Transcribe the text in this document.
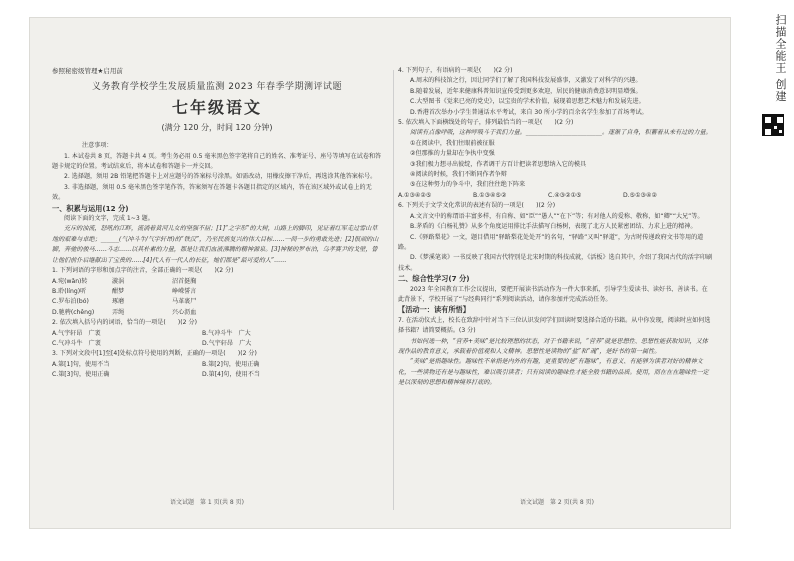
参照秘密级管理★启用前
义务教育学校学生发展质量监测 2023 年春季学期测评试题
七年级语文
(满分 120 分，时间 120 分钟)
注意事项：
1. 本试卷共 8 页，答题卡共 4 页。考生务必用 0.5 毫米黑色签字笔将自己的姓名、准考证号、座号等填写在试卷和答题卡规定的位置。考试结束后，将本试卷和答题卡一并交回。
2. 选择题，须用 2B 铅笔把答题卡上对应题号的答案标号涂黑。如需改动，用橡皮擦干净后，再选涂其他答案标号。
3. 非选择题，须用 0.5 毫米黑色签字笔作答，答案须写在答题卡各题目指定的区域内，答在该区域外或试卷上的无效。
一、积累与运用(12 分)
阅读下面的文字，完成 1~3 题。
充斥的浊流，怒吼的江畔，流淌着黄河儿女的坚强不屈；[1]“之字形”的大树，山路上的脚印，见证着红军走过雪山草地的艰难与卓绝；______(气冲斗牛/气宇轩昂)的“铁汉”，乃至民族复兴的伟大目标……一间一步的勇敢先进；[2]很顽的山脚，奔驰的骏马……斗志……以其朴素的力量，都是让我们血液沸腾的精神源泉。[3]神秘的罗布泊，乌孝赛尹的戈壁，曾让他们前仆后继献出了宝贵的……[4]代人有一代人的长征，她们都是“最可爱的人”……
1. 下列词语的字形和加点字的注音，全部正确的一项是(　　)(2 分)
A.宛(wǎn)转	漩涡	沼首挺胸
B.聆(líng)听	酣梦	峥嵘誓言
C.罗布泊(bó)	琢磨	马革裹尸
D.驰骋(chěng)	弄绳	兴心沥血
2. 依次填入括号内的词语，恰当的一项是(　　)(2 分)
A.气宇轩昂　广袤	B.气冲斗牛　广大
C.气冲斗牛　广袤	D.气宇轩昂　广大
3. 下列对文段中[1]至[4]处标点符号使用的判断，正确的一项是(　　)(2 分)
A.第[1]句，使用不当	B.第[2]句，使用正确
C.第[3]句，使用正确	D.第[4]句，使用不当
4. 下列句子，有语病的一项是(　　)(2 分)
A.周末的科技馆之行，因让同学们了解了我国科技发展盛事，又激发了对科学的兴趣。
B.随着发展，近年来健康科普知识宣传受到更多欢迎，居民的健康消费意识明显增强。
C.大型图书《觉来已亮的党史》，以宝贵的学术价值，展现着思想艺术魅力和发展先进。
D.香港首次举办小学生普通话水平考试，来自 30 所小学的百余名学生参加了首场考试。
5. 依次填入下面横线处的句子，排列最恰当的一项是(　　)(2 分)
阅读有点像呼吸，这种呼吸斗于我们力量。_________________________。逐渐了自身，积蓄着从未有过的力量。
①在阅读中，我们往眼前被征服
②但那推的力量却在争执中变强
③我们极力想寻出彼绽，作者调干方百计把读者思想纳入它的模具
④阅读的时候，我们不断同作者争辩
⑤在这种努力的争斗中，我们往往绝下阵来
A.①③④②⑤	B.①③④⑤②	C.④③②①⑤	D.⑤①③④②
6. 下列关于文学文化常识的表述有误的一项是(　　)(2 分)
A.文言文中的称谓语丰富多样，有自称、如“臣”“愚人”“在下”等；有对他人的爱称、敬称，如“卿”“大兄”等。
B.茅盾的《白杨礼赞》从多个角度运用排比手法描写白杨树，表现了北方人民紧密团结、力求上进的精神。
C.《驿路梨花》一文，题目借用“驿路梨花处处开”的名句，“驿路”又叫“驿道”，为古时传递政府文书等用的道路。
D.《梦溪笔谈》一书反映了我国古代特别是北宋时期的科技成就，《活板》选自其中，介绍了我国古代的活字印刷技术。
二、综合性学习(7 分)
2023 年全国教育工作会议提出，要把开展读书活动作为一件大事来抓，引导学生爱读书、读好书、善读书。在此背景下，学校开展了“与经典同行”系列阅读活动，请你参加并完成活动任务。
【活动一：读有所悟】
7. 在活动仪式上，校长在致辞中针对当下三位认识发问学们回读时要选择合适的书籍。从中你发现，阅读时应如何选择书籍？请简要概括。(3 分)
书如何选一种，“营养+美味”是比较理想的状态，对于书籍来说，“营养”就是思想性、思想性能获取知识，又体现作品的教育意义，承载着价值观和人文精神。思想性是读物的“盐”和“魂”，是好书的第一属性。
“美味”是指趣味性。趣味性不单指是内外的有趣，更重要的是“有趣味”，有意义、有能够为读者对好的精神文化，一些读物还有是与趣味性，难以吸引读者；只有阅读的趣味性才能全般书籍的品质。使用，而在在在趣味性一定是以深刻的思想和精神境界打底的。
语文试题　第 1 页(共 8 页)	语文试题　第 2 页(共 8 页)
扫描全能王 创建
